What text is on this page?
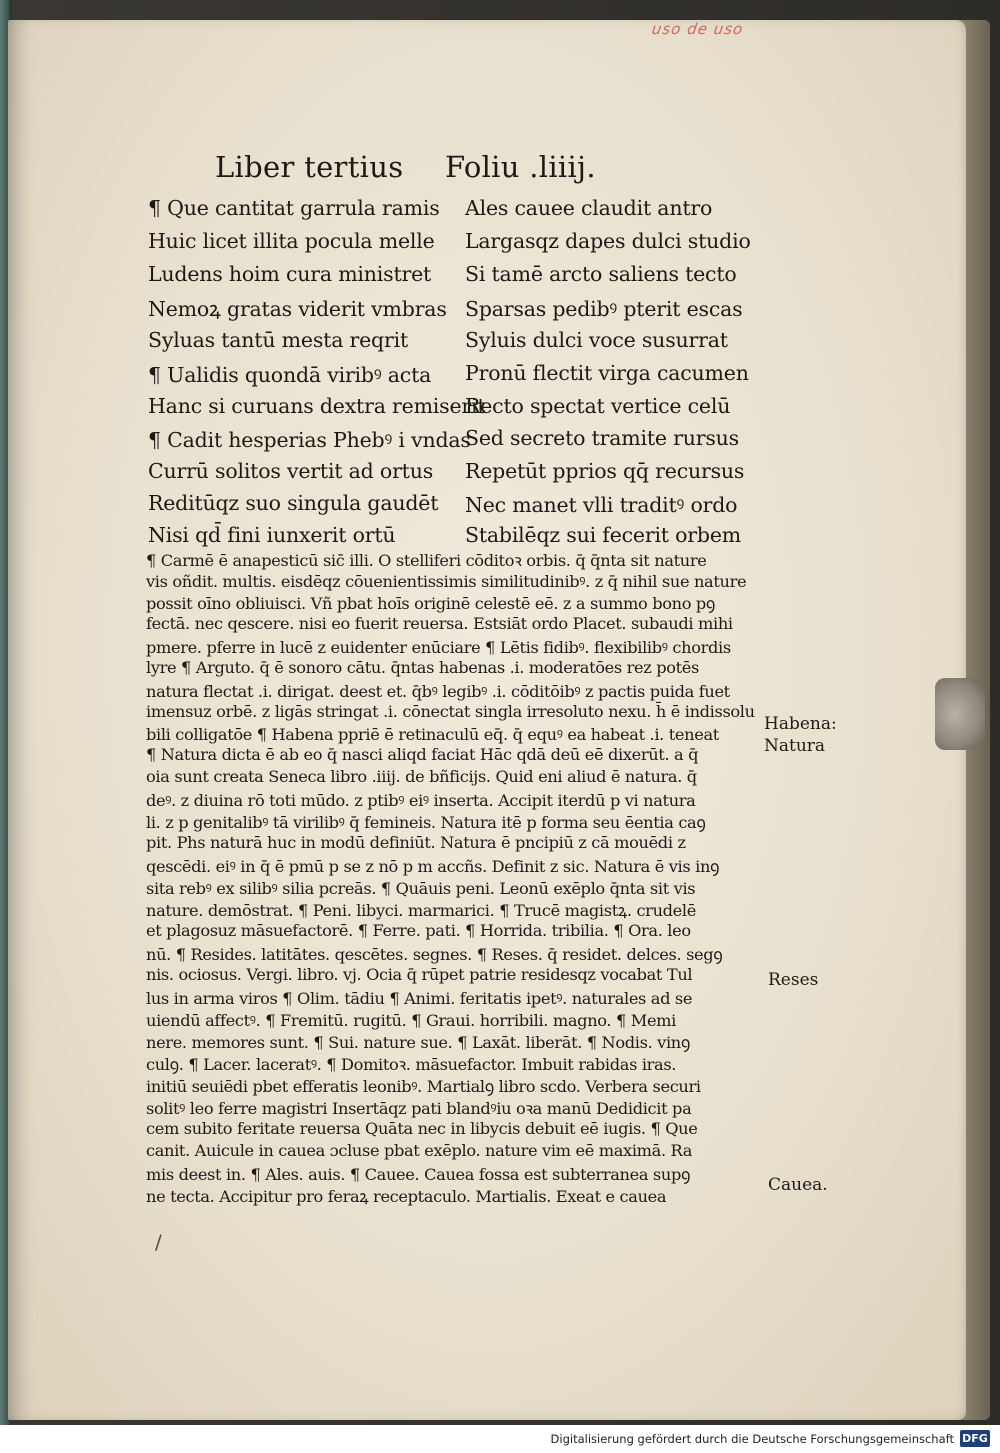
uso de uso
Liber tertius Foliu .liiij.
¶ Que cantitat garrula ramis Ales cauee claudit antro
Huic licet illita pocula melle Largasqz dapes dulci studio
Ludens hoim cura ministret Si tamē arcto saliens tecto
Nemoꝝ gratas viderit vmbras Sparsas pedibꝰ pterit escas
Syluas tantū mesta reqrit	Syluis dulci voce susurrat
¶ Ualidis quondā viribꝰ acta Pronū flectit virga cacumen
Hanc si curuans dextra remiserit
Recto spectat vertice celū
¶ Cadit hesperias Phebꝰ i vndas
Sed secreto tramite rursus
Currū solitos vertit ad ortus Repetūt pprios qq̄ recursus
Reditūqz suo singula gaudēt Nec manet vlli traditꝰ ordo
Nisi qd̄ fini iunxerit ortū	Stabilēqz sui fecerit orbem
¶ Carmē ē anapesticū sic̄ illi. O stelliferi cōditoꝛ orbis. q̄ q̄nta sit nature
vis oñdit. multis. eisdēqz cōuenientissimis similitudinibꝰ. z q̄ nihil sue nature
possit oīno obliuisci. Vñ pbat hoīs originē celestē eē. z a summo bono pꝯ
fectā. nec qescere. nisi eo fuerit reuersa. Estsiāt ordo Placet. subaudi mihi
pmere. pferre in lucē z euidenter enūciare ¶ Lētis fidibꝰ. flexibilibꝰ chordis
lyre ¶ Arguto. q̄ ē sonoro cātu. q̄ntas habenas .i. moderatōes rez potēs
natura flectat .i. dirigat. deest et. q̄bꝰ legibꝰ .i. cōditōibꝰ z pactis puida fuet
imensuz orbē. z ligās stringat .i. cōnectat singla irresoluto nexu. h̄ ē indissolu
bili colligatōe ¶ Habena ppriē ē retinaculū eq̄. q̄ equꝰ ea habeat .i. teneat
¶ Natura dicta ē ab eo q̄ nasci aliqd faciat Hāc qdā deū eē dixerūt. a q̄
oia sunt creata Seneca libro .iiij. de bñficijs. Quid eni aliud ē natura. q̄
deꝰ. z diuina rō toti mūdo. z ptibꝰ eiꝰ inserta. Accipit iterdū p vi natura
li. z p genitalibꝰ tā virilibꝰ q̄ femineis. Natura itē p forma seu ēentia caꝯ
pit. Phs naturā huc in modū definiūt. Natura ē pncipiū z cā mouēdi z
qescēdi. eiꝰ in q̄ ē pmū p se z nō p m accñs. Definit z sic. Natura ē vis inꝯ
sita rebꝰ ex silibꝰ silia pcreās. ¶ Quāuis peni. Leonū exēplo q̄nta sit vis
nature. demōstrat. ¶ Peni. libyci. marmarici. ¶ Trucē magistꝝ. crudelē
et plagosuz māsuefactorē. ¶ Ferre. pati. ¶ Horrida. tribilia. ¶ Ora. leo
nū. ¶ Resides. latitātes. qescētes. segnes. ¶ Reses. q̄ residet. delces. segꝯ
nis. ociosus. Vergi. libro. vj. Ocia q̄ rūpet patrie residesqz vocabat Tul
lus in arma viros ¶ Olim. tādiu ¶ Animi. feritatis ipetꝰ. naturales ad se
uiendū affectꝰ. ¶ Fremitū. rugitū. ¶ Graui. horribili. magno. ¶ Memi
nere. memores sunt. ¶ Sui. nature sue. ¶ Laxāt. liberāt. ¶ Nodis. vinꝯ
culꝯ. ¶ Lacer. laceratꝰ. ¶ Domitoꝛ. māsuefactor. Imbuit rabidas iras.
initiū seuiēdi pbet efferatis leonibꝰ. Martialꝯ libro scdo. Verbera securi
solitꝰ leo ferre magistri Insertāqz pati blandꝰiu oꝛa manū Dedidicit pa
cem subito feritate reuersa Quāta nec in libycis debuit eē iugis. ¶ Que
canit. Auicule in cauea ɔcluse pbat exēplo. nature vim eē maximā. Ra
mis deest in. ¶ Ales. auis. ¶ Cauee. Cauea fossa est subterranea supꝯ
ne tecta. Accipitur pro feraꝝ receptaculo. Martialis. Exeat e cauea
Habena:
Natura
Reses
Cauea.
/
Digitalisierung gefördert durch die Deutsche Forschungsgemeinschaft DFG
